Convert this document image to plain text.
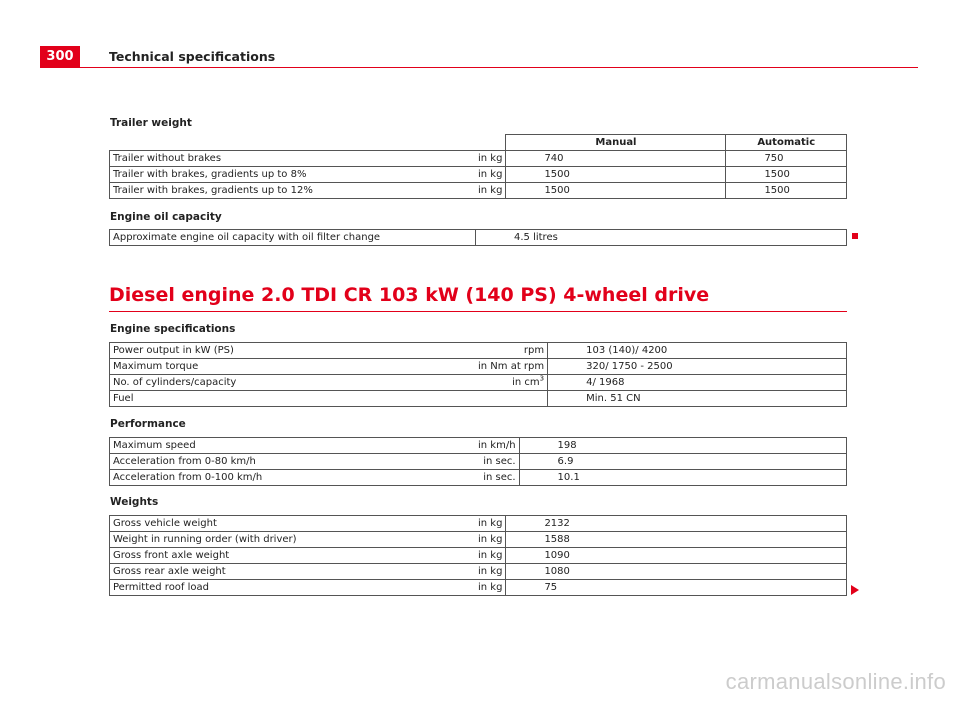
300	Technical specifications
Trailer weight
		Manual	Automatic
Trailer without brakes	in kg	740	750
Trailer with brakes, gradients up to 8%	in kg	1500	1500
Trailer with brakes, gradients up to 12%	in kg	1500	1500
Engine oil capacity
Approximate engine oil capacity with oil filter change	4.5 litres
Diesel engine 2.0 TDI CR 103 kW (140 PS) 4-wheel drive
Engine specifications
Power output in kW (PS)	rpm	103 (140)/ 4200
Maximum torque	in Nm at rpm	320/ 1750 - 2500
No. of cylinders/capacity	in $cm^3$	4/ 1968
Fuel		Min. 51 CN
Performance
Maximum speed	in km/h	198
Acceleration from 0-80 km/h	in sec.	6.9
Acceleration from 0-100 km/h	in sec.	10.1
Weights
Gross vehicle weight	in kg	2132
Weight in running order (with driver)	in kg	1588
Gross front axle weight	in kg	1090
Gross rear axle weight	in kg	1080
Permitted roof load	in kg	75
carmanualsonline.info
